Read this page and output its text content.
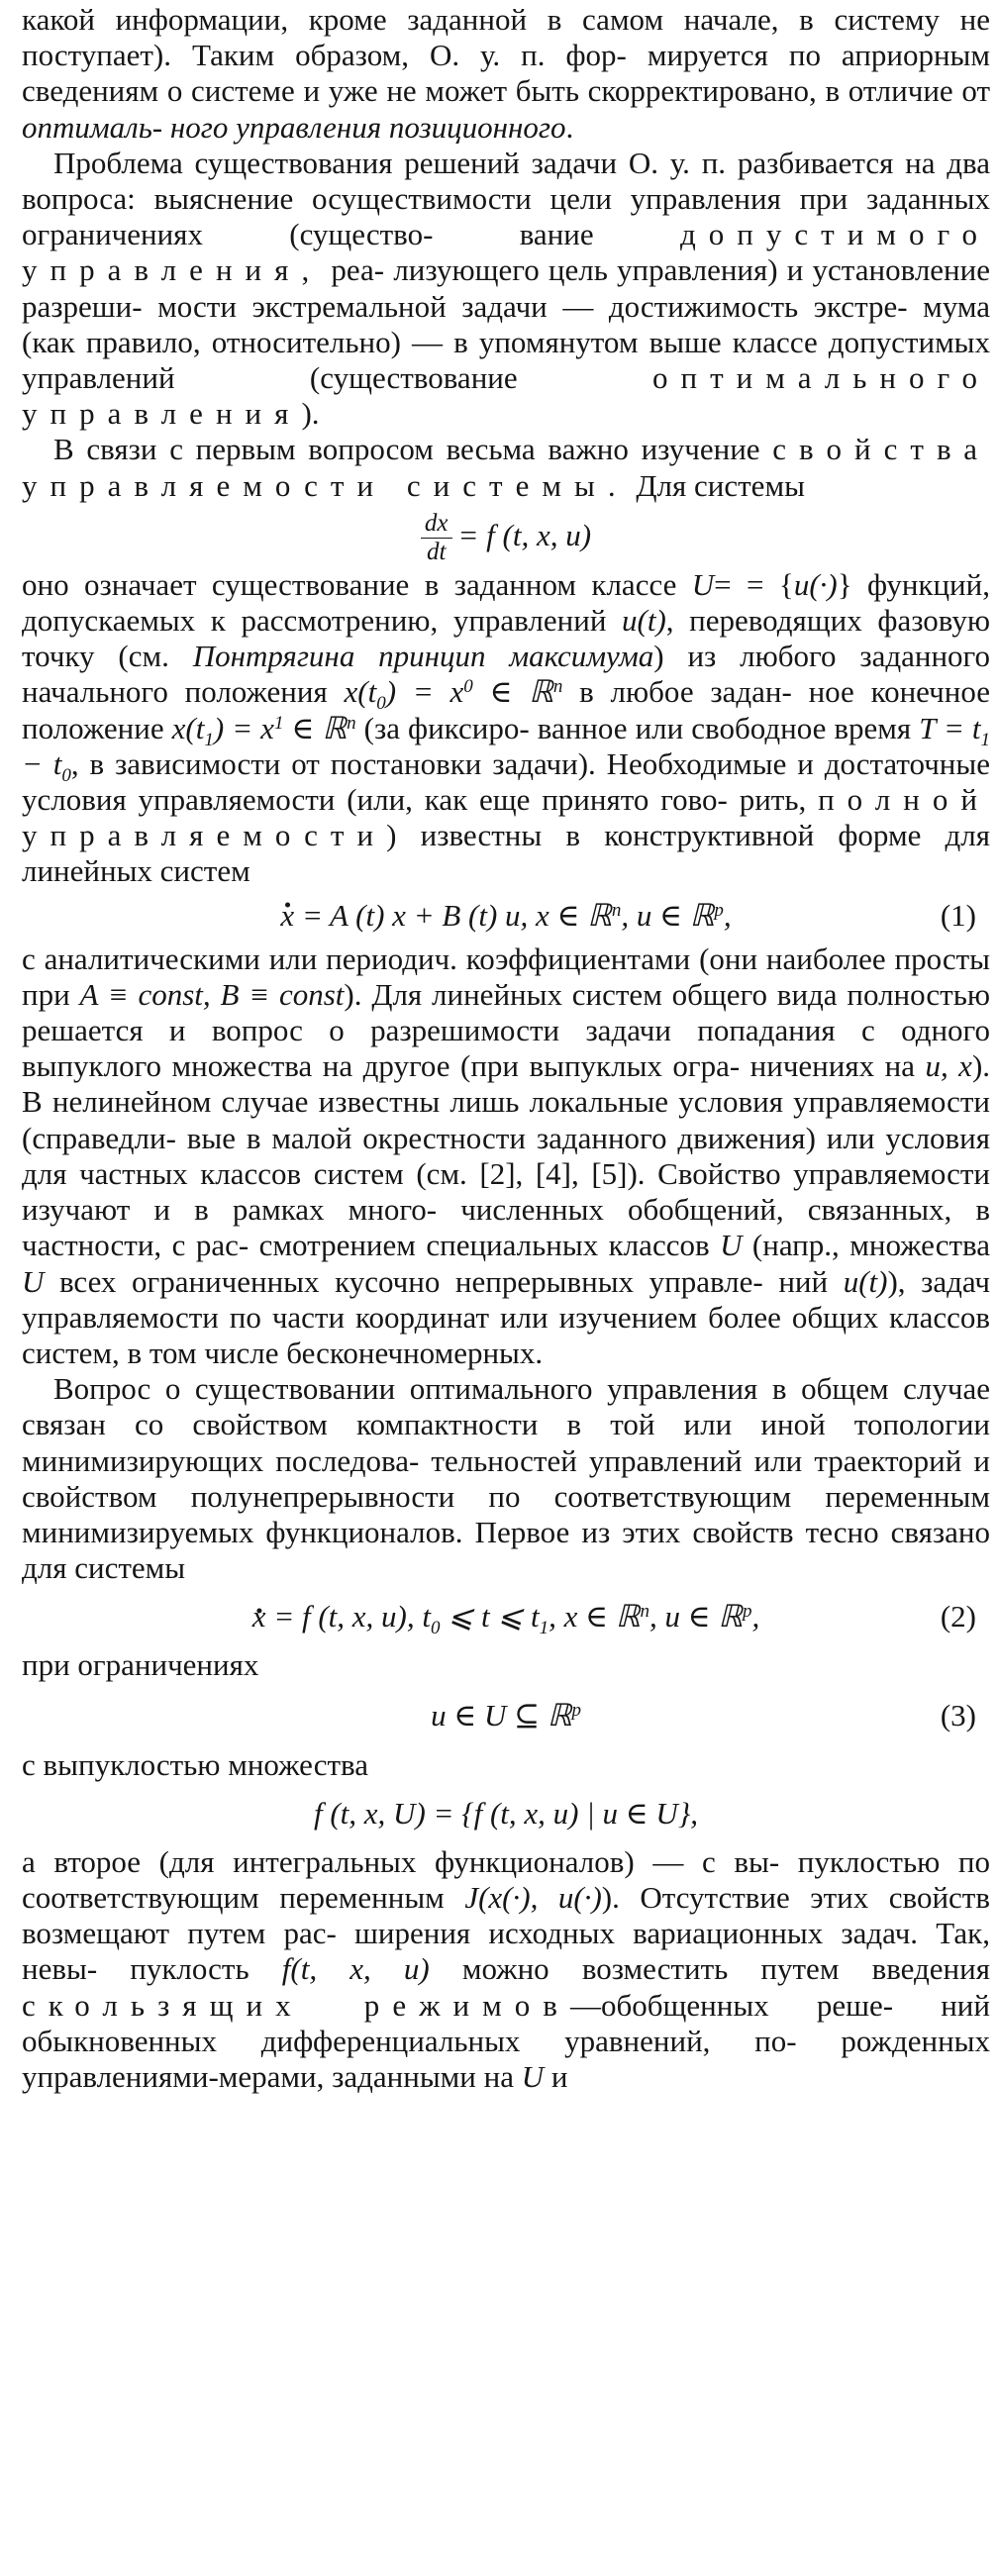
какой информации, кроме заданной в самом начале, в систему не поступает). Таким образом, О. у. п. фор- мируется по априорным сведениям о системе и уже не может быть скорректировано, в отличие от оптималь- ного управления позиционного.

Проблема существования решений задачи О. у. п. разбивается на два вопроса: выяснение осуществимости цели управления при заданных ограничениях (существо-	вание допустимого управления, реа- лизующего цель управления) и установление разреши- мости экстремальной задачи — достижимость экстре- мума (как правило, относительно) — в упомянутом выше классе допустимых управлений (существование	оптимального управления).

В связи с первым вопросом весьма важно изучение свойства управляемости системы. Для системы

$\frac{dx}{dt} = f$ (t, x, u)

оно означает существование в заданном классе U= = {u(·)} функций, допускаемых к рассмотрению, управлений u(t), переводящих фазовую точку (см. Понтрягина принцип максимума) из любого заданного начального положения $x(t_0) = x^0$ ∈ ℝ$^n$ в любое задан- ное конечное положение $x(t_1) = x^1$ ∈ ℝ$^n$ (за фиксиро- ванное или свободное время $T = t_1 - t_0$, в зависимости от постановки задачи). Необходимые и достаточные условия управляемости (или, как еще принято гово- рить, полной управляемости) известны в конструктивной форме для линейных систем

· x = A (t) x + B (t) u, x ∈ ℝ$^n$, u ∈ ℝ$^p$,	(1)

с аналитическими или периодич. коэффициентами (они наиболее просты при A ≡ const, B ≡ const). Для линейных систем общего вида полностью решается и вопрос о разрешимости задачи попадания с одного выпуклого множества на другое (при выпуклых огра- ничениях на u, x). В нелинейном случае известны лишь локальные условия управляемости (справедли- вые в малой окрестности заданного движения) или условия для частных классов систем (см. [2], [4], [5]). Свойство управляемости изучают и в рамках много- численных обобщений, связанных, в частности, с рас- смотрением специальных классов U (напр., множества U всех ограниченных кусочно непрерывных управле- ний u(t)), задач управляемости по части координат или изучением более общих классов систем, в том числе бесконечномерных.

Вопрос о существовании оптимального управления в общем случае связан со свойством компактности в той или иной топологии минимизирующих последова- тельностей управлений или траекторий и свойством полунепрерывности по соответствующим переменным минимизируемых функционалов. Первое из этих свойств тесно связано для системы

· x = f (t, x, u), $t_0$ ⩽ t ⩽ $t_1$, x ∈ ℝ$^n$, u ∈ ℝ$^p$,	(2)

при ограничениях

u ∈ U ⊆ ℝ$^p$	(3)

с выпуклостью множества

f (t, x, U) = {f (t, x, u) | u ∈ U},

а второе (для интегральных функционалов) — с вы- пуклостью по соответствующим переменным J(x(·), u(·)). Отсутствие этих свойств возмещают путем рас- ширения исходных вариационных задач. Так, невы- пуклость f(t, x, u) можно возместить путем введения скользящих режимов—обобщенных реше- ний обыкновенных дифференциальных уравнений, по- рожденных управлениями-мерами, заданными на U и
